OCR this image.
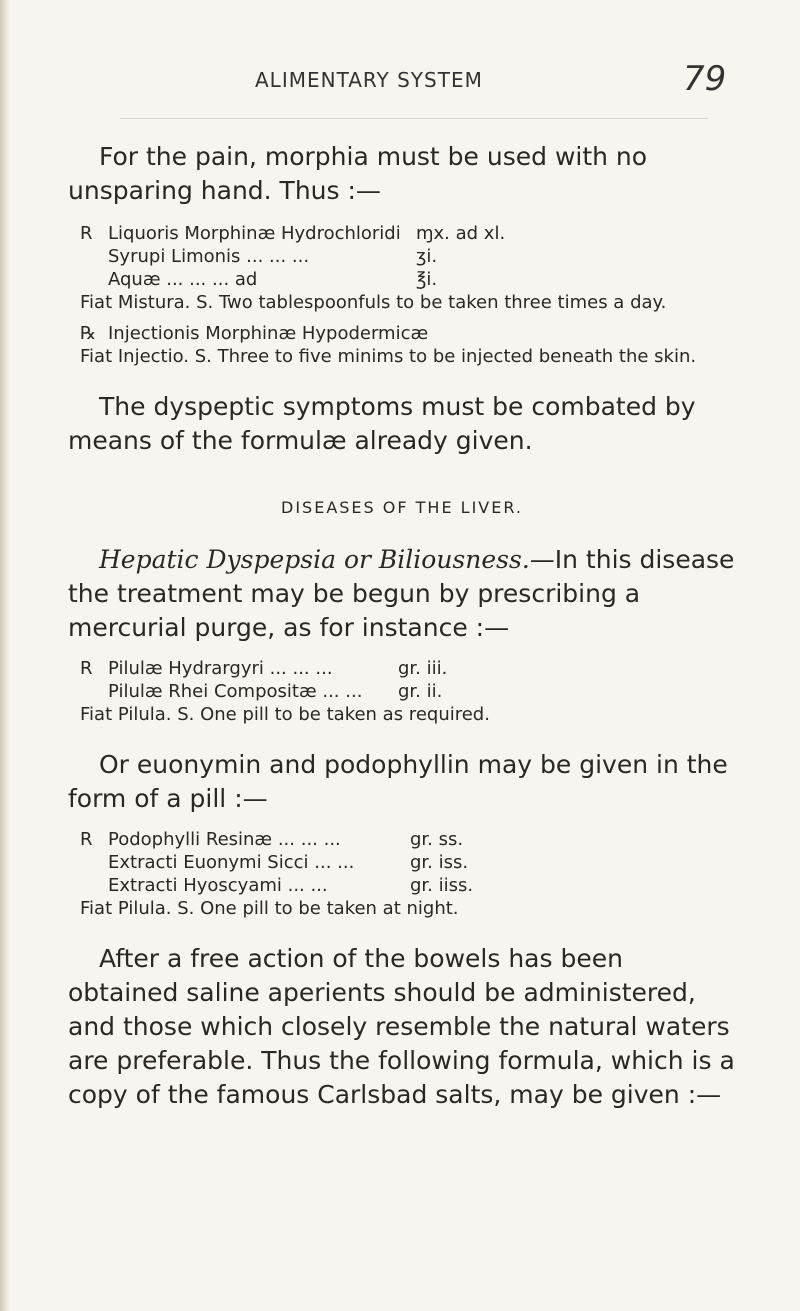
ALIMENTARY SYSTEM	79

For the pain, morphia must be used with no unsparing hand. Thus :—

R Liquoris Morphinæ Hydrochloridi ɱx. ad xl.
Syrupi Limonis ... ... ...	ʒi.
Aquæ ... ... ... ad	℥i.

Fiat Mistura. S. Two tablespoonfuls to be taken three times a day.

℞ Injectionis Morphinæ Hypodermicæ

Fiat Injectio. S. Three to five minims to be injected beneath the skin.

The dyspeptic symptoms must be combated by means of the formulæ already given.

DISEASES OF THE LIVER.

Hepatic Dyspepsia or Biliousness.—In this disease the treatment may be begun by prescribing a mercurial purge, as for instance :—

R Pilulæ Hydrargyri ... ... ...	gr. iii.
Pilulæ Rhei Compositæ ... ...	gr. ii.

Fiat Pilula. S. One pill to be taken as required.

Or euonymin and podophyllin may be given in the form of a pill :—

R Podophylli Resinæ ... ... ...	gr. ss.
Extracti Euonymi Sicci ... ...	gr. iss.
Extracti Hyoscyami ... ...	gr. iiss.

Fiat Pilula. S. One pill to be taken at night.

After a free action of the bowels has been obtained saline aperients should be administered, and those which closely resemble the natural waters are preferable. Thus the following formula, which is a copy of the famous Carlsbad salts, may be given :—
